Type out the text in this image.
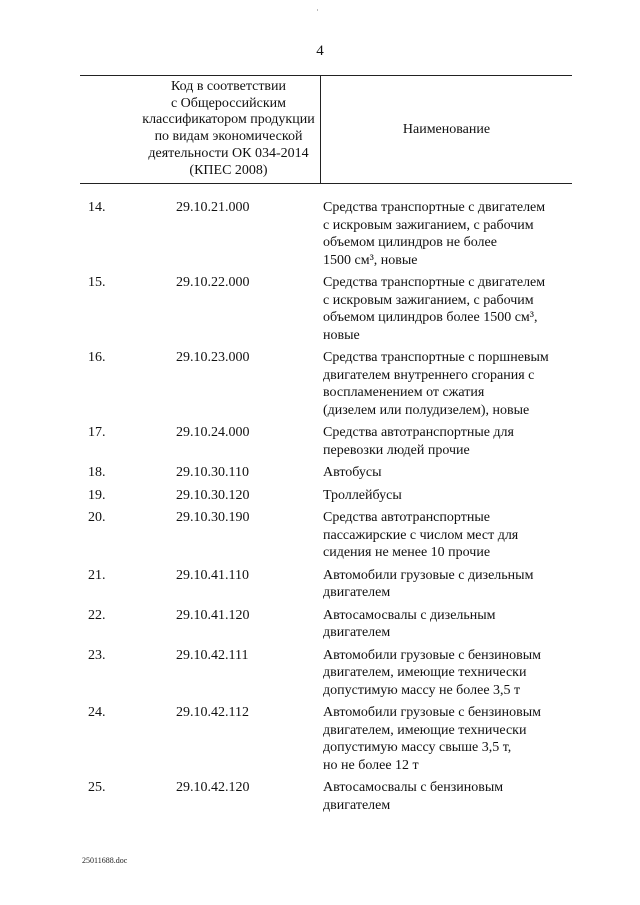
4
Код в соответствии
с Общероссийским
классификатором продукции
по видам экономической
деятельности ОК 034-2014
(КПЕС 2008)
Наименование
14.	29.10.21.000	Средства транспортные с двигателем
с искровым зажиганием, с рабочим
объемом цилиндров не более
1500 см³, новые
15.	29.10.22.000	Средства транспортные с двигателем
с искровым зажиганием, с рабочим
объемом цилиндров более 1500 см³,
новые
16.	29.10.23.000	Средства транспортные с поршневым
двигателем внутреннего сгорания с
воспламенением от сжатия
(дизелем или полудизелем), новые
17.	29.10.24.000	Средства автотранспортные для
перевозки людей прочие
18.	29.10.30.110	Автобусы
19.	29.10.30.120	Троллейбусы
20.	29.10.30.190	Средства автотранспортные
пассажирские с числом мест для
сидения не менее 10 прочие
21.	29.10.41.110	Автомобили грузовые с дизельным
двигателем
22.	29.10.41.120	Автосамосвалы с дизельным
двигателем
23.	29.10.42.111	Автомобили грузовые с бензиновым
двигателем, имеющие технически
допустимую массу не более 3,5 т
24.	29.10.42.112	Автомобили грузовые с бензиновым
двигателем, имеющие технически
допустимую массу свыше 3,5 т,
но не более 12 т
25.	29.10.42.120	Автосамосвалы с бензиновым
двигателем
25011688.doc
